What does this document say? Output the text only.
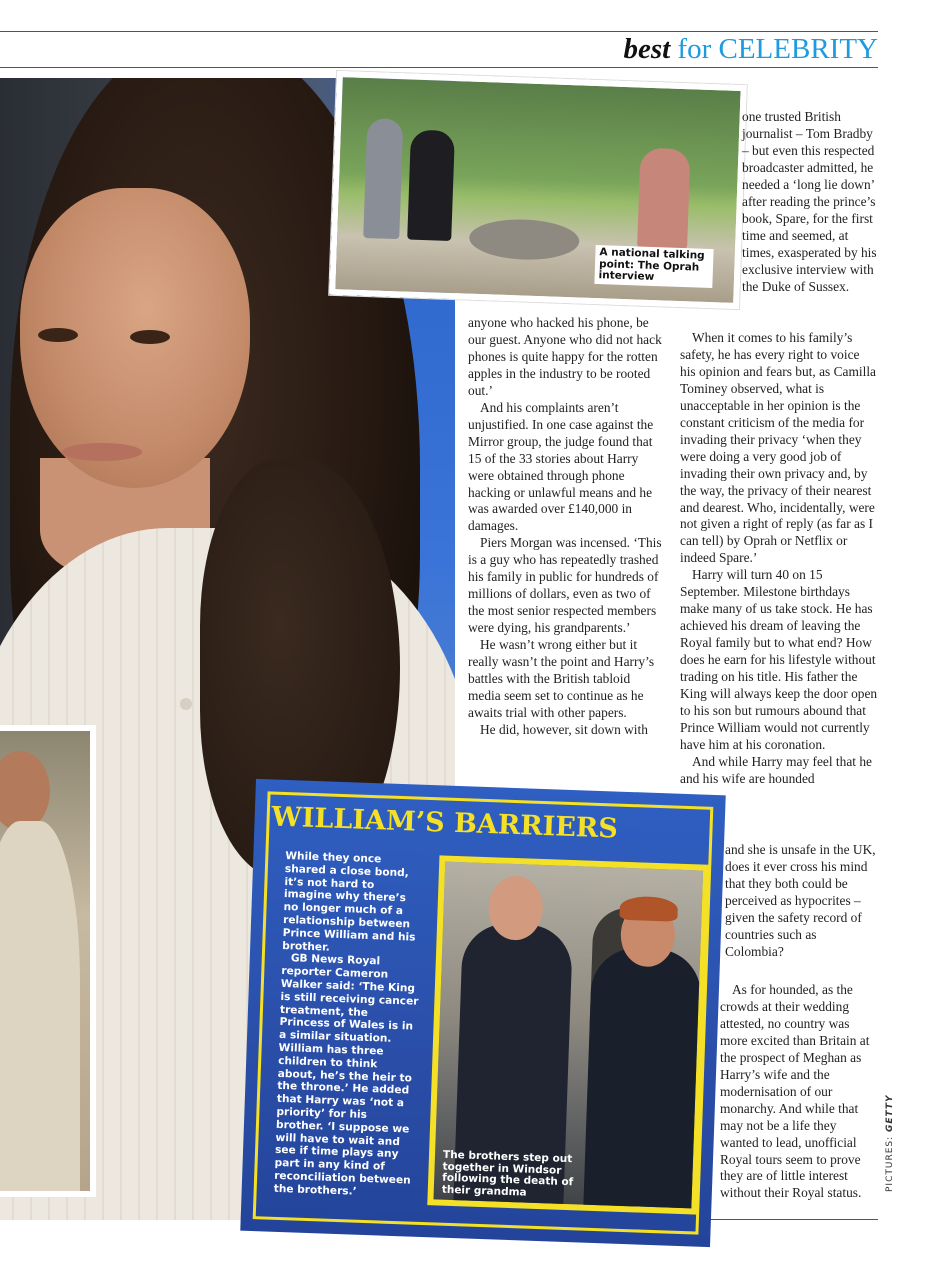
best for CELEBRITY
A national talking point: The Oprah interview

one trusted British journalist – Tom Bradby – but even this respected broadcaster admitted, he needed a ‘long lie down’ after reading the prince’s book, Spare, for the first time and seemed, at times, exasperated by his exclusive interview with the Duke of Sussex.

anyone who hacked his phone, be our guest. Anyone who did not hack phones is quite happy for the rotten apples in the industry to be rooted out.’

And his complaints aren’t unjustified. In one case against the Mirror group, the judge found that 15 of the 33 stories about Harry were obtained through phone hacking or unlawful means and he was awarded over £140,000 in damages.

Piers Morgan was incensed. ‘This is a guy who has repeatedly trashed his family in public for hundreds of millions of dollars, even as two of the most senior respected members were dying, his grandparents.’

He wasn’t wrong either but it really wasn’t the point and Harry’s battles with the British tabloid media seem set to continue as he awaits trial with other papers.

He did, however, sit down with

When it comes to his family’s safety, he has every right to voice his opinion and fears but, as Camilla Tominey observed, what is unacceptable in her opinion is the constant criticism of the media for invading their privacy ‘when they were doing a very good job of invading their own privacy and, by the way, the privacy of their nearest and dearest. Who, incidentally, were not given a right of reply (as far as I can tell) by Oprah or Netflix or indeed Spare.’

Harry will turn 40 on 15 September. Milestone birthdays make many of us take stock. He has achieved his dream of leaving the Royal family but to what end? How does he earn for his lifestyle without trading on his title. His father the King will always keep the door open to his son but rumours abound that Prince William would not currently have him at his coronation.

And while Harry may feel that he and his wife are hounded

and she is unsafe in the UK, does it ever cross his mind that they both could be perceived as hypocrites – given the safety record of countries such as Colombia?

As for hounded, as the crowds at their wedding attested, no country was more excited than Britain at the prospect of Meghan as Harry’s wife and the modernisation of our monarchy. And while that may not be a life they wanted to lead, unofficial Royal tours seem to prove they are of little interest without their Royal status.

PICTURES: GETTY
WILLIAM’S BARRIERS

While they once shared a close bond, it’s not hard to imagine why there’s no longer much of a relationship between Prince William and his brother.

GB News Royal reporter Cameron Walker said: ‘The King is still receiving cancer treatment, the Princess of Wales is in a similar situation. William has three children to think about, he’s the heir to the throne.’ He added that Harry was ‘not a priority’ for his brother. ‘I suppose we will have to wait and see if time plays any part in any kind of reconciliation between the brothers.’

The brothers step out together in Windsor following the death of their grandma
